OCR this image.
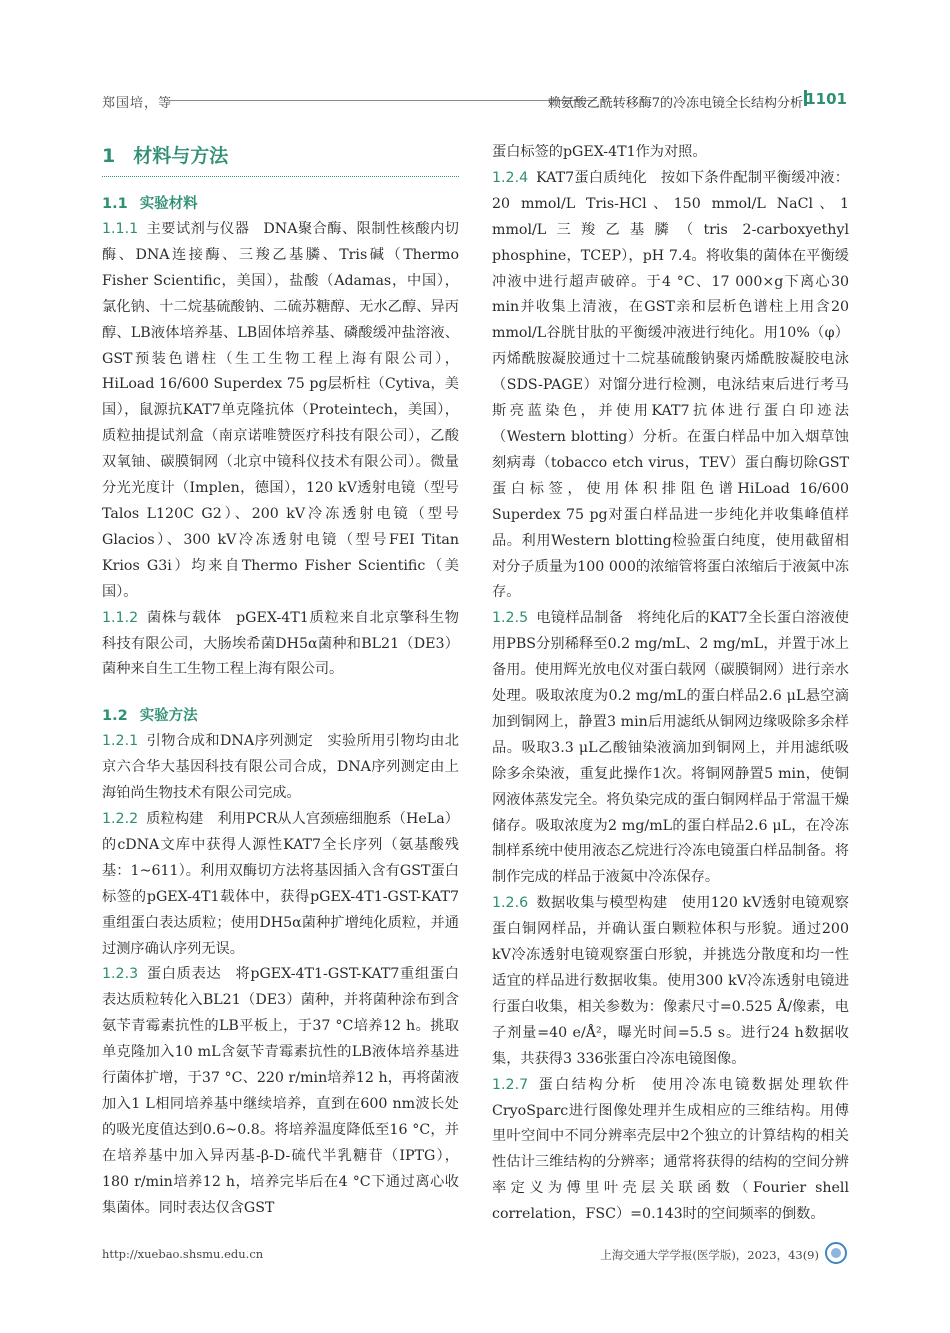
郑国培，等	赖氨酸乙酰转移酶7的冷冻电镜全长结构分析 1101
1 材料与方法
1.1 实验材料

1.1.1 主要试剂与仪器 DNA聚合酶、限制性核酸内切酶、DNA连接酶、三羧乙基膦、Tris碱（Thermo Fisher Scientific，美国），盐酸（Adamas，中国），氯化钠、十二烷基硫酸钠、二硫苏糖醇、无水乙醇、异丙醇、LB液体培养基、LB固体培养基、磷酸缓冲盐溶液、GST预装色谱柱（生工生物工程上海有限公司），HiLoad 16/600 Superdex 75 pg层析柱（Cytiva，美国），鼠源抗KAT7单克隆抗体（Proteintech，美国），质粒抽提试剂盒（南京诺唯赞医疗科技有限公司），乙酸双氧铀、碳膜铜网（北京中镜科仪技术有限公司）。微量分光光度计（Implen，德国），120 kV透射电镜（型号Talos L120C G2）、200 kV冷冻透射电镜（型号Glacios）、300 kV冷冻透射电镜（型号FEI Titan Krios G3i）均来自Thermo Fisher Scientific（美国）。

1.1.2 菌株与载体 pGEX-4T1质粒来自北京擎科生物科技有限公司，大肠埃希菌DH5α菌种和BL21（DE3）菌种来自生工生物工程上海有限公司。

1.2 实验方法

1.2.1 引物合成和DNA序列测定 实验所用引物均由北京六合华大基因科技有限公司合成，DNA序列测定由上海铂尚生物技术有限公司完成。

1.2.2 质粒构建 利用PCR从人宫颈癌细胞系（HeLa）的cDNA文库中获得人源性KAT7全长序列（氨基酸残基：1~611）。利用双酶切方法将基因插入含有GST蛋白标签的pGEX-4T1载体中，获得pGEX-4T1-GST-KAT7重组蛋白表达质粒；使用DH5α菌种扩增纯化质粒，并通过测序确认序列无误。

1.2.3 蛋白质表达 将pGEX-4T1-GST-KAT7重组蛋白表达质粒转化入BL21（DE3）菌种，并将菌种涂布到含氨苄青霉素抗性的LB平板上，于37 °C培养12 h。挑取单克隆加入10 mL含氨苄青霉素抗性的LB液体培养基进行菌体扩增，于37 °C、220 r/min培养12 h，再将菌液加入1 L相同培养基中继续培养，直到在600 nm波长处的吸光度值达到0.6~0.8。将培养温度降低至16 °C，并在培养基中加入异丙基-β-D-硫代半乳糖苷（IPTG），180 r/min培养12 h，培养完毕后在4 °C下通过离心收集菌体。同时表达仅含GST

蛋白标签的pGEX-4T1作为对照。

1.2.4 KAT7蛋白质纯化 按如下条件配制平衡缓冲液：20 mmol/L Tris-HCl、150 mmol/L NaCl、1 mmol/L三羧乙基膦（tris 2-carboxyethyl phosphine，TCEP），pH 7.4。将收集的菌体在平衡缓冲液中进行超声破碎。于4 °C、17 000×g下离心30 min并收集上清液，在GST亲和层析色谱柱上用含20 mmol/L谷胱甘肽的平衡缓冲液进行纯化。用10%（φ）丙烯酰胺凝胶通过十二烷基硫酸钠聚丙烯酰胺凝胶电泳（SDS-PAGE）对馏分进行检测，电泳结束后进行考马斯亮蓝染色，并使用KAT7抗体进行蛋白印迹法（Western blotting）分析。在蛋白样品中加入烟草蚀刻病毒（tobacco etch virus，TEV）蛋白酶切除GST蛋白标签，使用体积排阻色谱HiLoad 16/600 Superdex 75 pg对蛋白样品进一步纯化并收集峰值样品。利用Western blotting检验蛋白纯度，使用截留相对分子质量为100 000的浓缩管将蛋白浓缩后于液氮中冻存。

1.2.5 电镜样品制备 将纯化后的KAT7全长蛋白溶液使用PBS分别稀释至0.2 mg/mL、2 mg/mL，并置于冰上备用。使用辉光放电仪对蛋白载网（碳膜铜网）进行亲水处理。吸取浓度为0.2 mg/mL的蛋白样品2.6 μL悬空滴加到铜网上，静置3 min后用滤纸从铜网边缘吸除多余样品。吸取3.3 μL乙酸铀染液滴加到铜网上，并用滤纸吸除多余染液，重复此操作1次。将铜网静置5 min，使铜网液体蒸发完全。将负染完成的蛋白铜网样品于常温干燥储存。吸取浓度为2 mg/mL的蛋白样品2.6 μL，在冷冻制样系统中使用液态乙烷进行冷冻电镜蛋白样品制备。将制作完成的样品于液氮中冷冻保存。

1.2.6 数据收集与模型构建 使用120 kV透射电镜观察蛋白铜网样品，并确认蛋白颗粒体积与形貌。通过200 kV冷冻透射电镜观察蛋白形貌，并挑选分散度和均一性适宜的样品进行数据收集。使用300 kV冷冻透射电镜进行蛋白收集，相关参数为：像素尺寸=0.525 Å/像素，电子剂量=40 e/Å²，曝光时间=5.5 s。进行24 h数据收集，共获得3 336张蛋白冷冻电镜图像。

1.2.7 蛋白结构分析 使用冷冻电镜数据处理软件CryoSparc进行图像处理并生成相应的三维结构。用傅里叶空间中不同分辨率壳层中2个独立的计算结构的相关性估计三维结构的分辨率；通常将获得的结构的空间分辨率定义为傅里叶壳层关联函数（Fourier shell correlation，FSC）=0.143时的空间频率的倒数。

http://xuebao.shsmu.edu.cn	上海交通大学学报(医学版)，2023，43(9)
